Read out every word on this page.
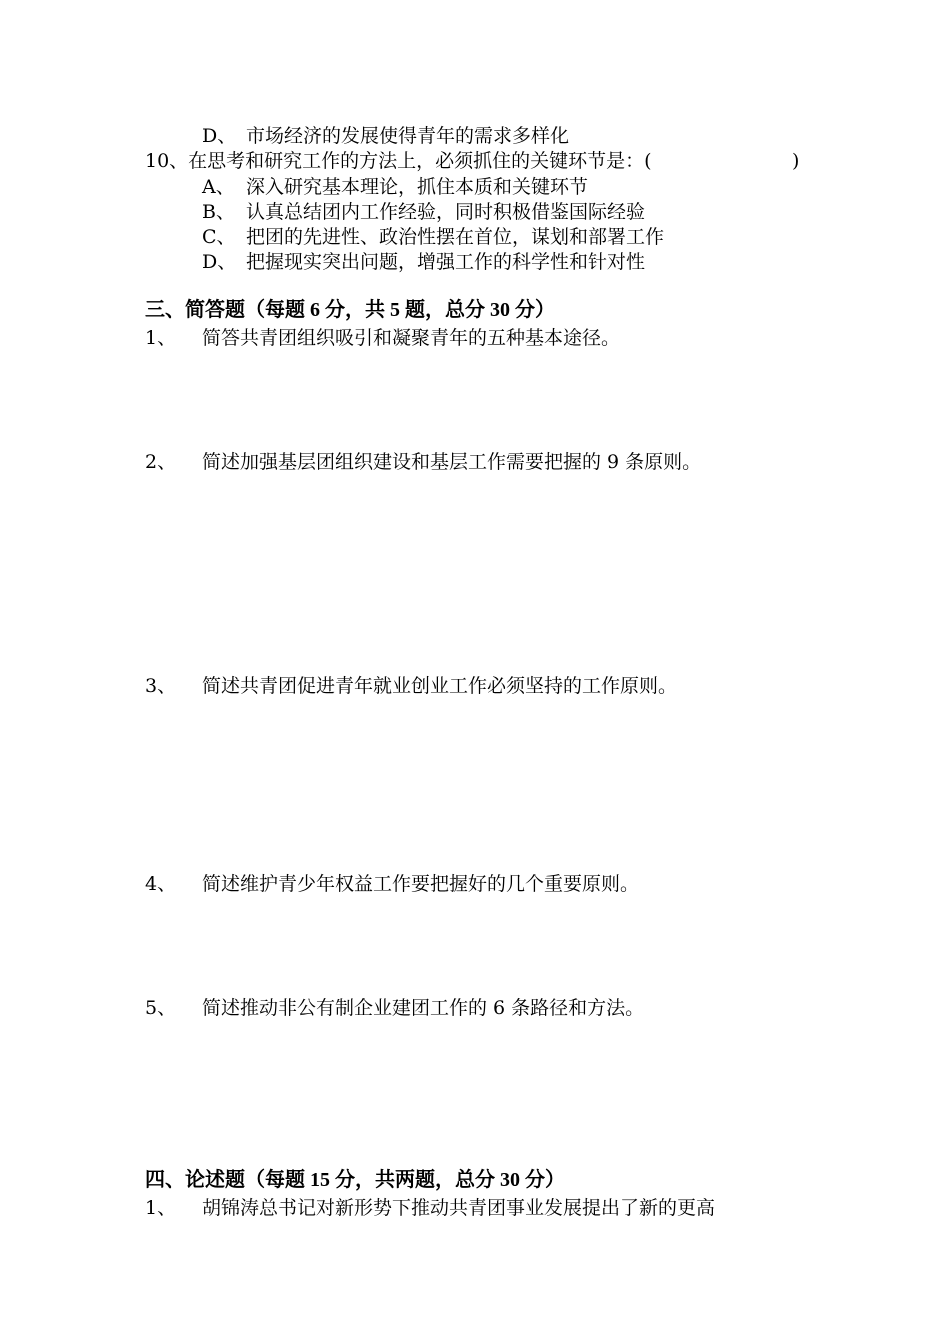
D、 市场经济的发展使得青年的需求多样化
10、在思考和研究工作的方法上，必须抓住的关键环节是：(	)
A、 深入研究基本理论，抓住本质和关键环节
B、 认真总结团内工作经验，同时积极借鉴国际经验
C、 把团的先进性、政治性摆在首位，谋划和部署工作
D、 把握现实突出问题，增强工作的科学性和针对性
三、简答题（每题 6 分，共 5 题，总分 30 分）
1、 简答共青团组织吸引和凝聚青年的五种基本途径。
2、 简述加强基层团组织建设和基层工作需要把握的 9 条原则。
3、 简述共青团促进青年就业创业工作必须坚持的工作原则。
4、 简述维护青少年权益工作要把握好的几个重要原则。
5、 简述推动非公有制企业建团工作的 6 条路径和方法。
四、论述题（每题 15 分，共两题，总分 30 分）
1、 胡锦涛总书记对新形势下推动共青团事业发展提出了新的更高
